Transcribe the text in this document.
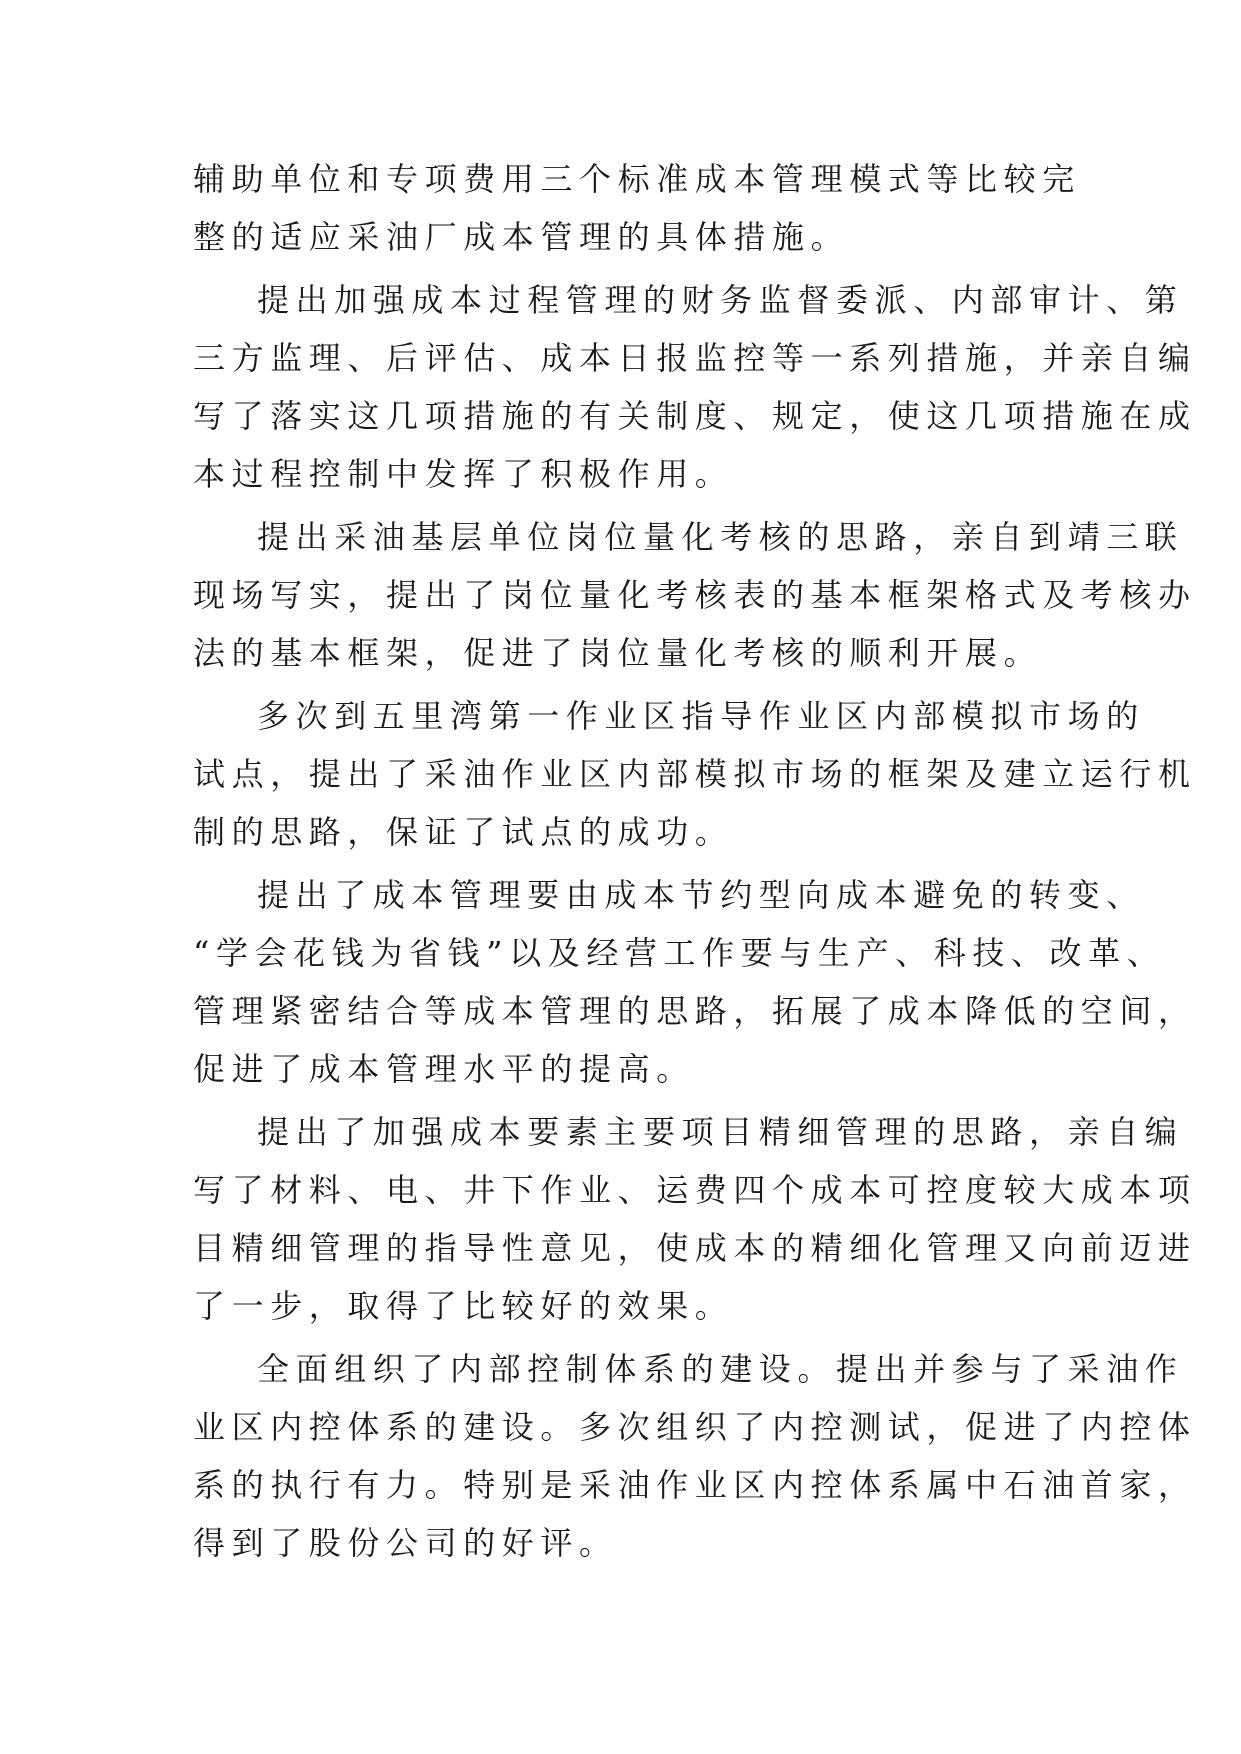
辅助单位和专项费用三个标准成本管理模式等比较完
整的适应采油厂成本管理的具体措施。
提出加强成本过程管理的财务监督委派、内部审计、第
三方监理、后评估、成本日报监控等一系列措施，并亲自编
写了落实这几项措施的有关制度、规定，使这几项措施在成
本过程控制中发挥了积极作用。
提出采油基层单位岗位量化考核的思路，亲自到靖三联
现场写实，提出了岗位量化考核表的基本框架格式及考核办
法的基本框架，促进了岗位量化考核的顺利开展。
多次到五里湾第一作业区指导作业区内部模拟市场的
试点，提出了采油作业区内部模拟市场的框架及建立运行机
制的思路，保证了试点的成功。
提出了成本管理要由成本节约型向成本避免的转变、
“学会花钱为省钱”以及经营工作要与生产、科技、改革、
管理紧密结合等成本管理的思路，拓展了成本降低的空间，
促进了成本管理水平的提高。
提出了加强成本要素主要项目精细管理的思路，亲自编
写了材料、电、井下作业、运费四个成本可控度较大成本项
目精细管理的指导性意见，使成本的精细化管理又向前迈进
了一步，取得了比较好的效果。
全面组织了内部控制体系的建设。提出并参与了采油作
业区内控体系的建设。多次组织了内控测试，促进了内控体
系的执行有力。特别是采油作业区内控体系属中石油首家，
得到了股份公司的好评。
